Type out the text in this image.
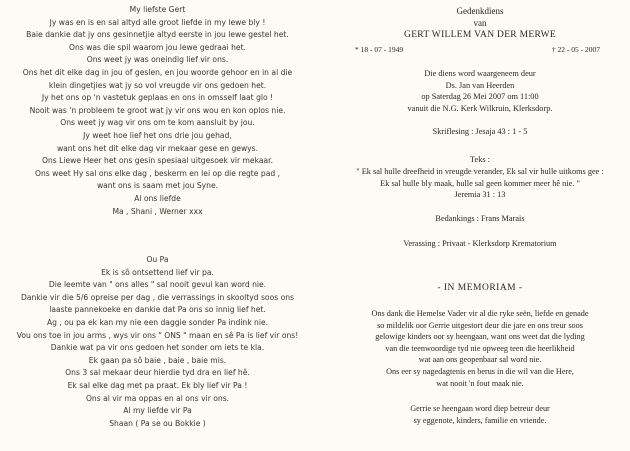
My liefste Gert
Jy was en is en sal altyd alle groot liefde in my lewe bly !
Baie dankie dat jy ons gesinnetjie altyd eerste in jou lewe gestel het.
Ons was die spil waarom jou lewe gedraai het.
Ons weet jy was oneindig lief vir ons.
Ons het dit elke dag in jou of geslen, en jou woorde gehoor en in al die
klein dingetjies wat jy so vol vreugde vir ons gedoen het.
Jy het ons op 'n vastetuk geplaas en ons in omsself laat glo !
Nooit was 'n probleem te groot wat jy vir ons wou en kon oplos nie.
Ons weet jy wag vir ons om te kom aansluit by jou.
Jy weet hoe lief het ons drie jou gehad,
want ons het dit elke dag vir mekaar gese en gewys.
Ons Liewe Heer het ons gesin spesiaal uitgesoek vir mekaar.
Ons weet Hy sal ons elke dag , beskerm en lei op die regte pad ,
want ons is saam met jou Syne.
Al ons liefde
Ma , Shani , Werner xxx
Ou Pa
Ek is sô ontsettend lief vir pa.
Die leemte van " ons alles " sal nooit gevul kan word nie.
Dankie vir die 5/6 opreise per dag , die verrassings in skooltyd soos ons
laaste pannekoeke en dankie dat Pa ons so innig lief het.
Ag , ou pa ek kan my nie een daggie sonder Pa indink nie.
Vou ons toe in jou arms , wys vir ons " ONS " maan en sê Pa is lief vir ons!
Dankie wat pa vir ons gedoen het sonder om iets te kla.
Ek gaan pa sô baie , baie , baie mis.
Ons 3 sal mekaar deur hierdie tyd dra en lief hê.
Ek sal elke dag met pa praat. Ek bly lief vir Pa !
Ons al vir ma oppas en al ons vir ons.
Al my liefde vir Pa
Shaan ( Pa se ou Bokkie )
Gedenkdiens
van
GERT WILLEM VAN DER MERWE
* 18 - 07 - 1949	† 22 - 05 - 2007
Die diens word waargeneem deur
Ds. Jan van Heerden
op Saterdag 26 Mei 2007 om 11:00
vanuit die N.G. Kerk Wilkruin, Klerksdorp.
Skriflesing : Jesaja 43 : 1 - 5
Teks :
" Ek sal hulle dreefheid in vreugde verander, Ek sal vir hulle uitkoms gee :
Ek sal hulle bly maak, hulle sal geen kommer meer hê nie. "
Jeremia 31 : 13
Bedankings : Frans Marais
Verassing : Privaat - Klerksdorp Krematorium
- IN MEMORIAM -
Ons dank die Hemelse Vader vir al die ryke seën, liefde en genade
so mildelik oor Gerrie uitgestort deur die jare en ons treur soos
gelowige kinders oor sy heengaan, want ons weet dat die lyding
van die teenwoordige tyd nie opweeg teen die heerlikheid
wat aan ons geopenbaar sal word nie.
Ons eer sy nagedagtenis en berus in die wil van die Here,
wat nooit 'n fout maak nie.
Gerrie se heengaan word diep betreur deur
sy eggenote, kinders, familie en vriende.
